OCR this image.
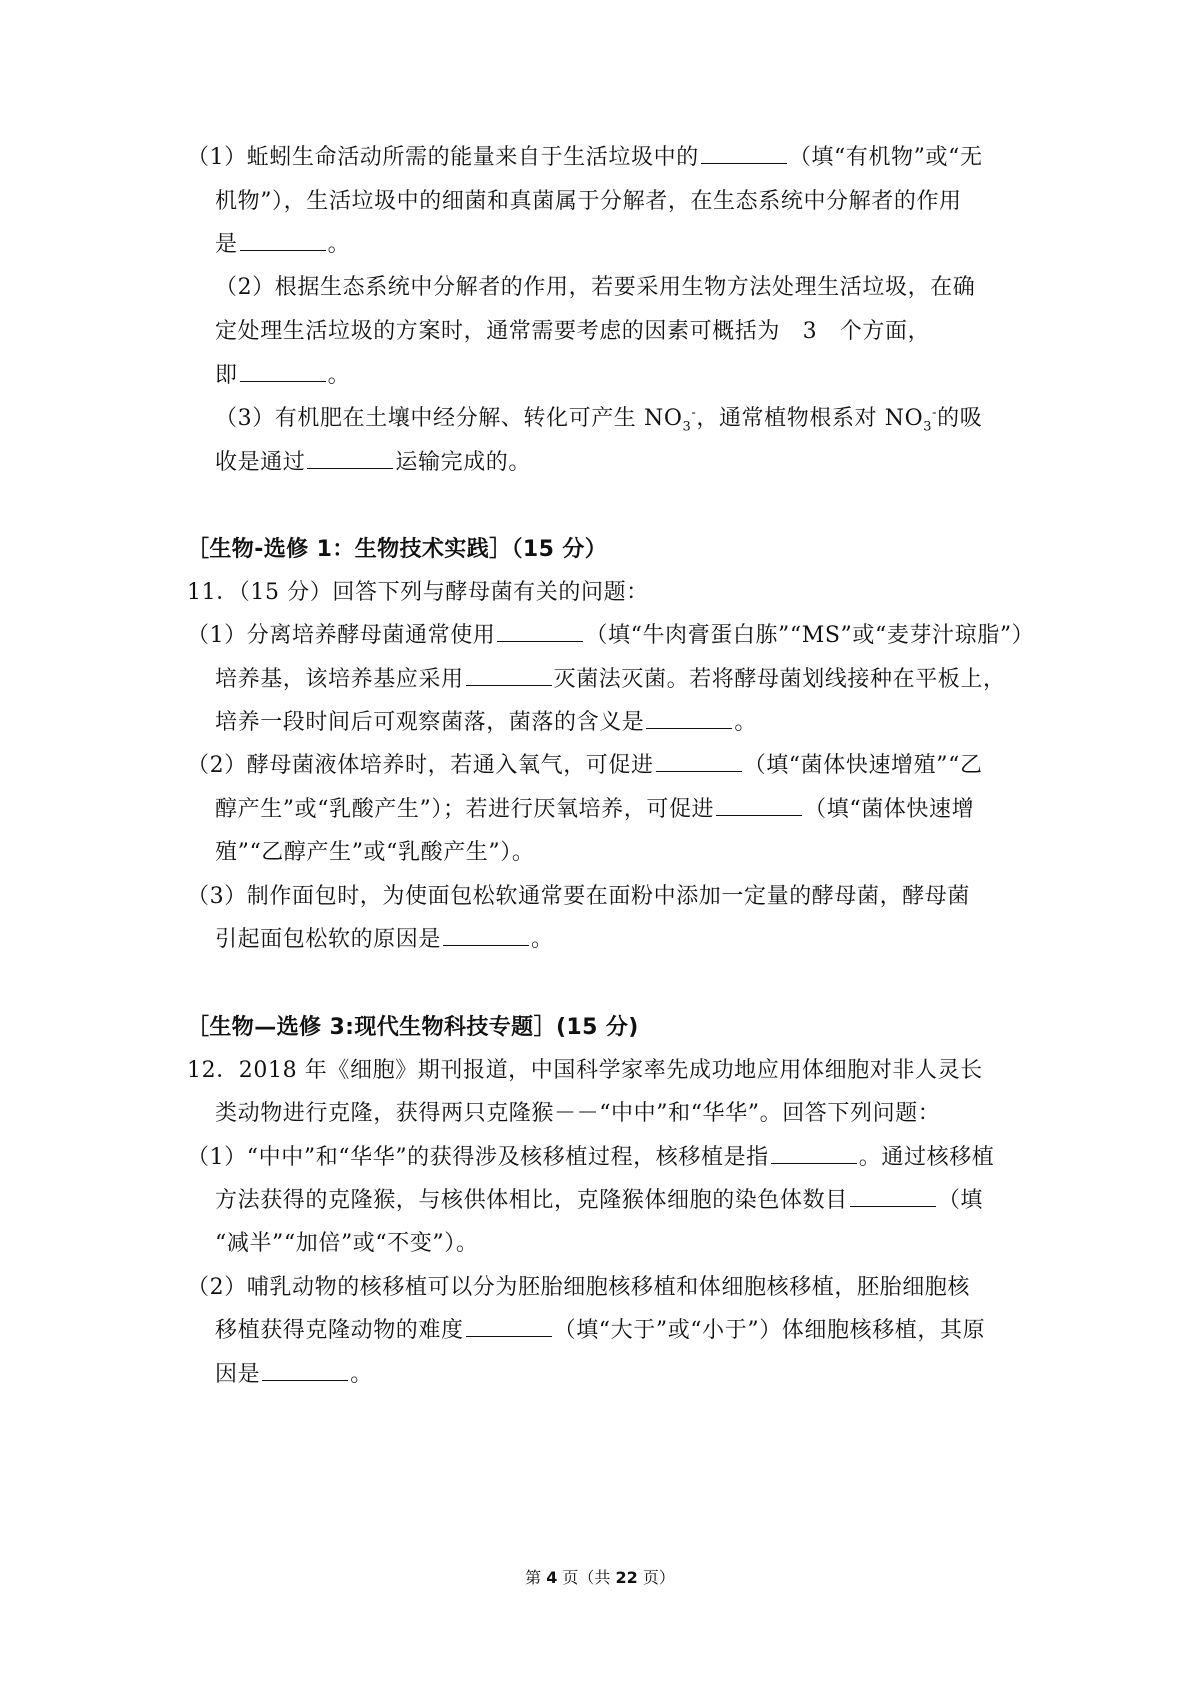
（1）蚯蚓生命活动所需的能量来自于生活垃圾中的	（填“有机物”或“无
机物”），生活垃圾中的细菌和真菌属于分解者，在生态系统中分解者的作用
是	。
（2）根据生态系统中分解者的作用，若要采用生物方法处理生活垃圾，在确
定处理生活垃圾的方案时，通常需要考虑的因素可概括为　3　个方面，
即	。
（3）有机肥在土壤中经分解、转化可产生 $NO_3^-$，通常植物根系对 $NO_3^-$的吸
收是通过	运输完成的。
［生物-选修 1：生物技术实践］（15 分）
11．（15 分）回答下列与酵母菌有关的问题：
（1）分离培养酵母菌通常使用	（填“牛肉膏蛋白胨”“MS”或“麦芽汁琼脂”）
培养基，该培养基应采用	灭菌法灭菌。若将酵母菌划线接种在平板上，
培养一段时间后可观察菌落，菌落的含义是	。
（2）酵母菌液体培养时，若通入氧气，可促进	（填“菌体快速增殖”“乙
醇产生”或“乳酸产生”）；若进行厌氧培养，可促进	（填“菌体快速增
殖”“乙醇产生”或“乳酸产生”）。
（3）制作面包时，为使面包松软通常要在面粉中添加一定量的酵母菌，酵母菌
引起面包松软的原因是	。
［生物—选修 3:现代生物科技专题］(15 分)
12．2018 年《细胞》期刊报道，中国科学家率先成功地应用体细胞对非人灵长
类动物进行克隆，获得两只克隆猴－－“中中”和“华华”。回答下列问题：
（1）“中中”和“华华”的获得涉及核移植过程，核移植是指	。通过核移植
方法获得的克隆猴，与核供体相比，克隆猴体细胞的染色体数目	（填
“减半”“加倍”或“不变”）。
（2）哺乳动物的核移植可以分为胚胎细胞核移植和体细胞核移植，胚胎细胞核
移植获得克隆动物的难度	（填“大于”或“小于”）体细胞核移植，其原
因是	。
第 4 页（共 22 页）
